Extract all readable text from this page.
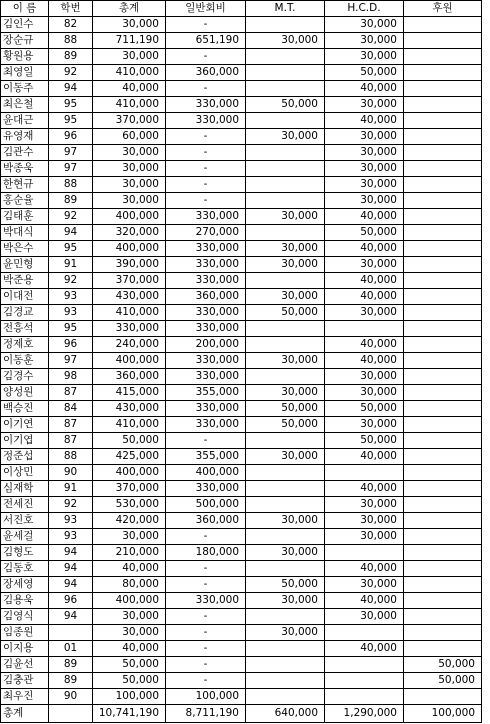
이 름	학번	총계	일반회비	M.T.	H.C.D.	후원
김인수	82	30,000	-		30,000	
장순규	88	711,190	651,190	30,000	30,000	
황원용	89	30,000	-		30,000	
최영일	92	410,000	360,000		50,000	
이동주	94	40,000	-		40,000	
최은철	95	410,000	330,000	50,000	30,000	
윤대근	95	370,000	330,000		40,000	
유영재	96	60,000	-	30,000	30,000	
김관수	97	30,000	-		30,000	
박종욱	97	30,000	-		30,000	
한현규	88	30,000	-		30,000	
홍순율	89	30,000	-		30,000	
김태훈	92	400,000	330,000	30,000	40,000	
박대식	94	320,000	270,000		50,000	
박은수	95	400,000	330,000	30,000	40,000	
윤민형	91	390,000	330,000	30,000	30,000	
박준용	92	370,000	330,000		40,000	
이대전	93	430,000	360,000	30,000	40,000	
김경교	93	410,000	330,000	50,000	30,000	
전흥석	95	330,000	330,000			
정제호	96	240,000	200,000		40,000	
이동훈	97	400,000	330,000	30,000	40,000	
김경수	98	360,000	330,000		30,000	
양성원	87	415,000	355,000	30,000	30,000	
백승진	84	430,000	330,000	50,000	50,000	
이기연	87	410,000	330,000	50,000	30,000	
이기엽	87	50,000	-		50,000	
정준섭	88	425,000	355,000	30,000	40,000	
이상민	90	400,000	400,000			
심재학	91	370,000	330,000		40,000	
전세진	92	530,000	500,000		30,000	
서진호	93	420,000	360,000	30,000	30,000	
윤세걸	93	30,000	-		30,000	
김형도	94	210,000	180,000	30,000		
김동호	94	40,000	-		40,000	
장세영	94	80,000	-	50,000	30,000	
김용욱	96	400,000	330,000	30,000	40,000	
김영식	94	30,000	-		30,000	
임종원		30,000	-	30,000		
이지용	01	40,000	-		40,000	
김윤선	89	50,000	-			50,000
김충관	89	50,000	-			50,000
최우진	90	100,000	100,000			
총계		10,741,190	8,711,190	640,000	1,290,000	100,000
